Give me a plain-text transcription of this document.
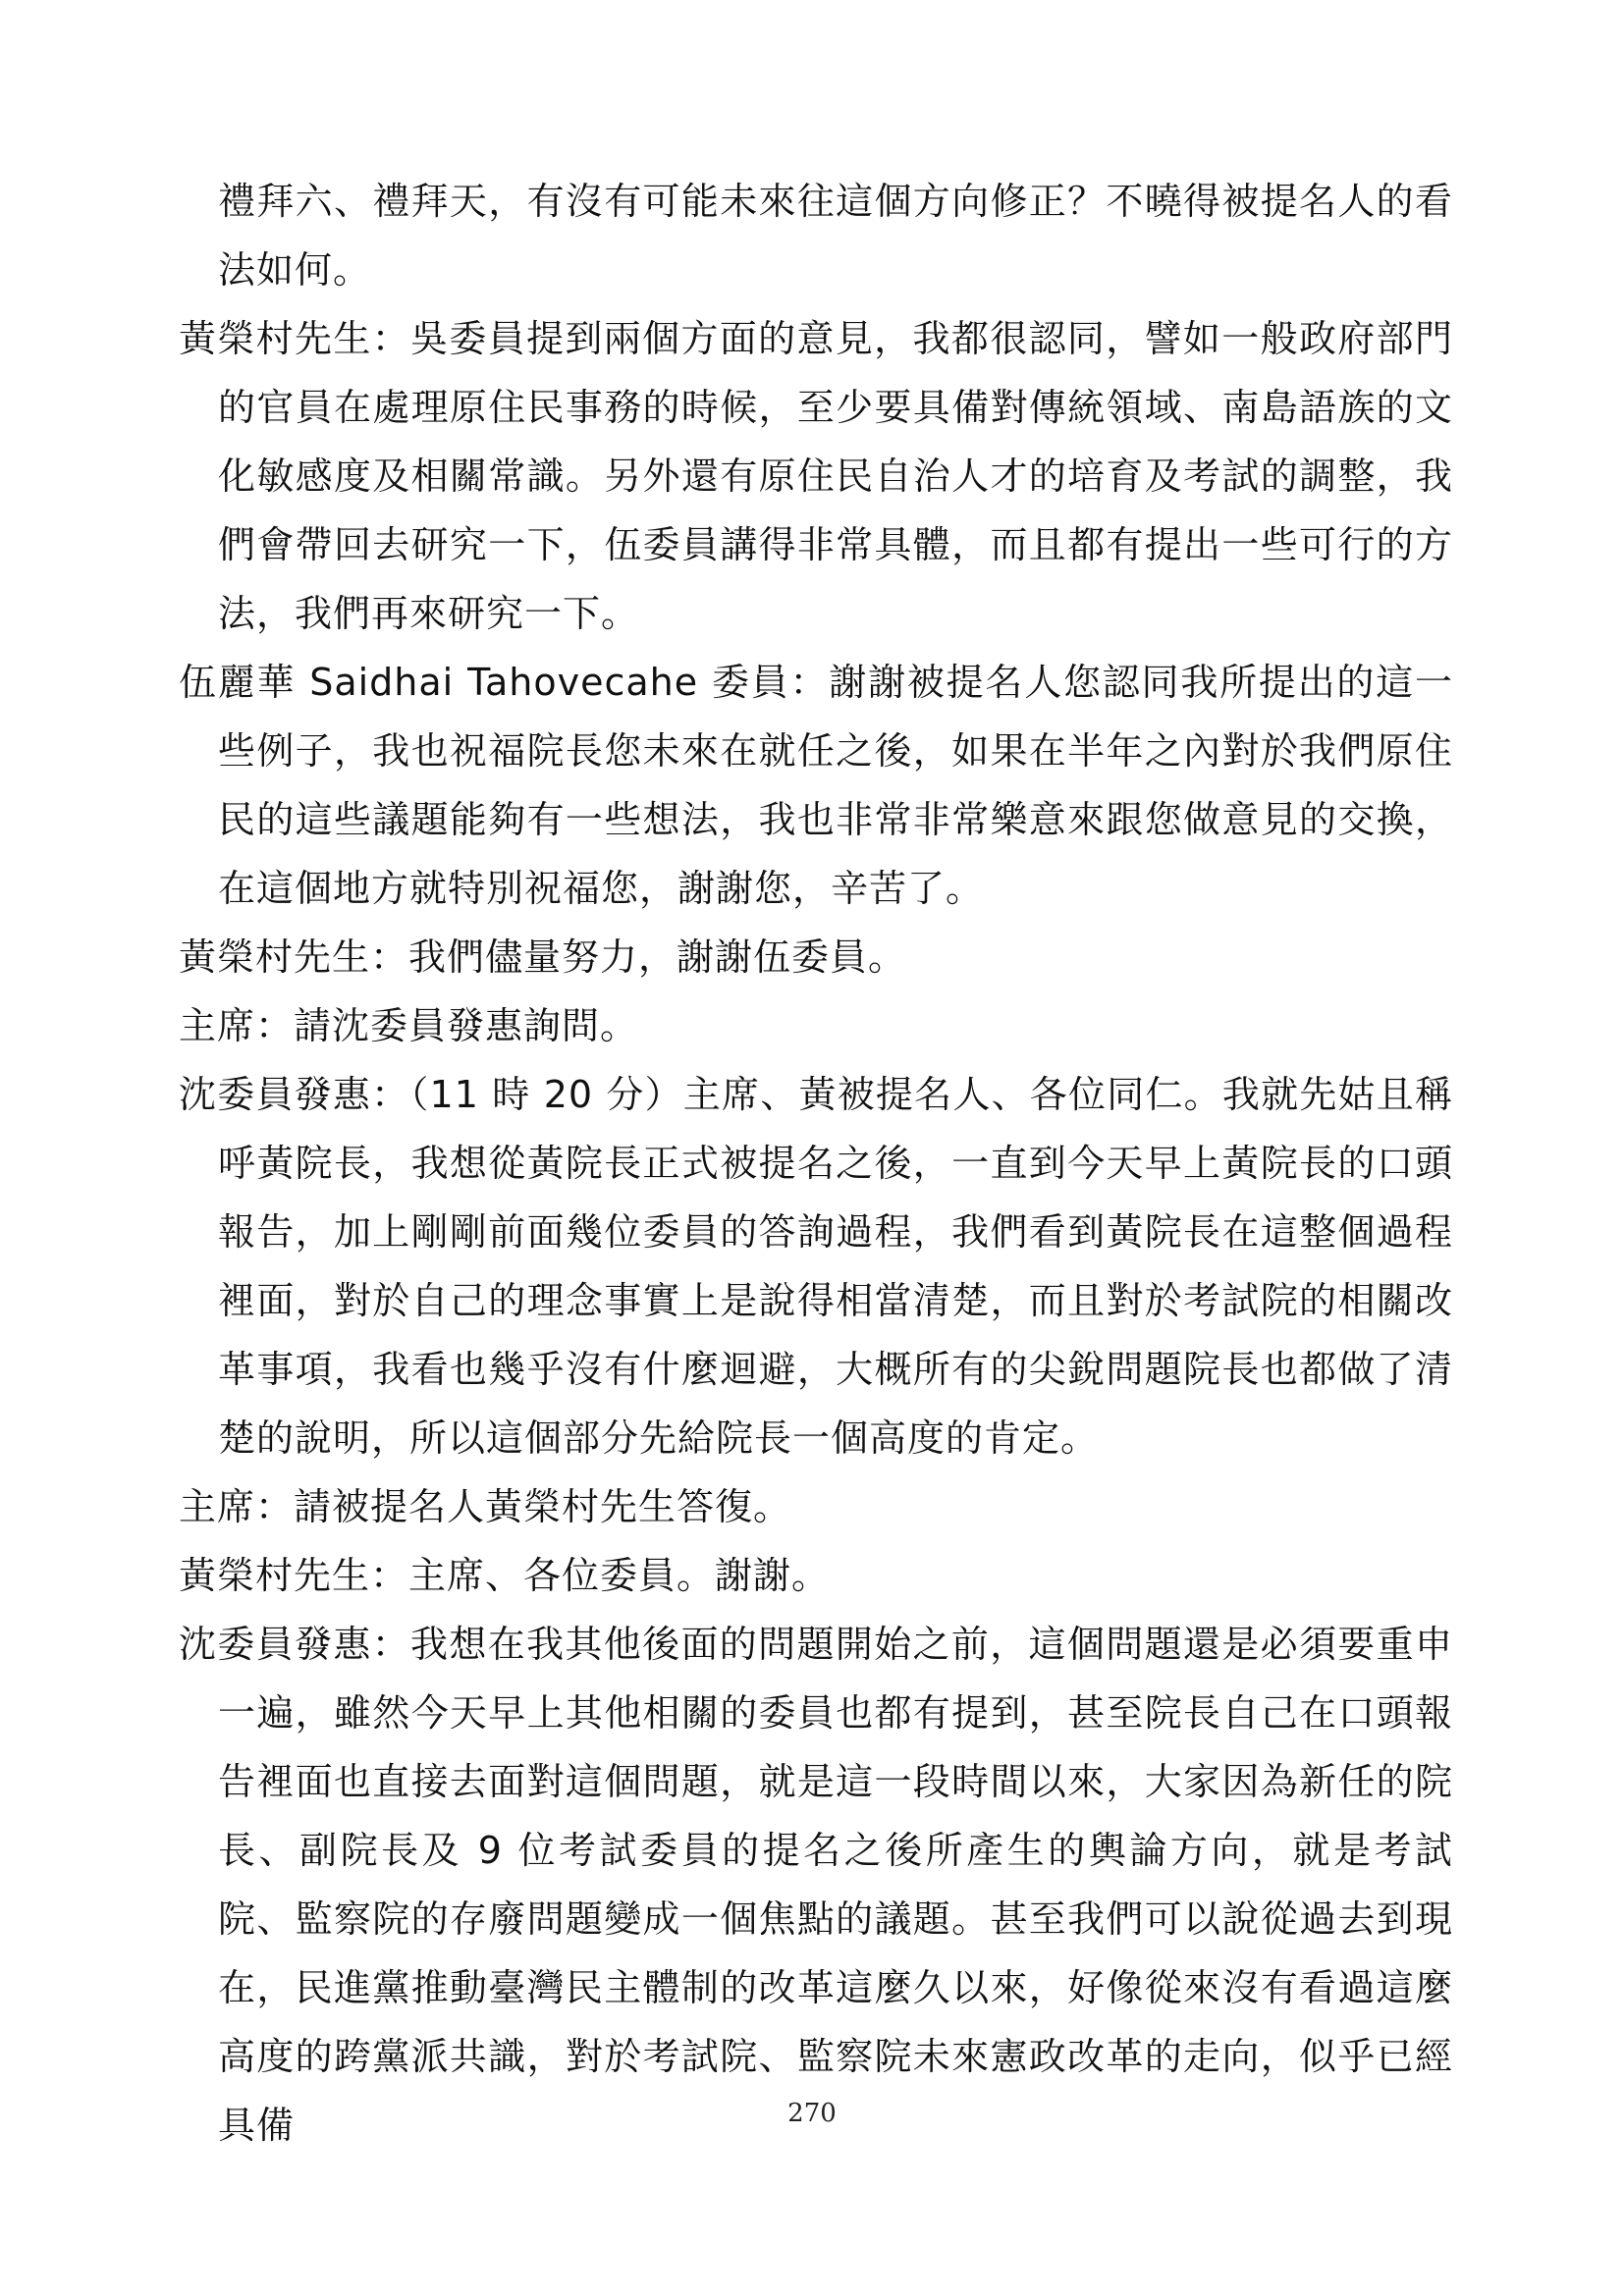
禮拜六、禮拜天，有沒有可能未來往這個方向修正？不曉得被提名人的看法如何。

黃榮村先生：吳委員提到兩個方面的意見，我都很認同，譬如一般政府部門的官員在處理原住民事務的時候，至少要具備對傳統領域、南島語族的文化敏感度及相關常識。另外還有原住民自治人才的培育及考試的調整，我們會帶回去研究一下，伍委員講得非常具體，而且都有提出一些可行的方法，我們再來研究一下。

伍麗華 Saidhai Tahovecahe 委員：謝謝被提名人您認同我所提出的這一些例子，我也祝福院長您未來在就任之後，如果在半年之內對於我們原住民的這些議題能夠有一些想法，我也非常非常樂意來跟您做意見的交換，在這個地方就特別祝福您，謝謝您，辛苦了。

黃榮村先生：我們儘量努力，謝謝伍委員。

主席：請沈委員發惠詢問。

沈委員發惠：（11 時 20 分）主席、黃被提名人、各位同仁。我就先姑且稱呼黃院長，我想從黃院長正式被提名之後，一直到今天早上黃院長的口頭報告，加上剛剛前面幾位委員的答詢過程，我們看到黃院長在這整個過程裡面，對於自己的理念事實上是說得相當清楚，而且對於考試院的相關改革事項，我看也幾乎沒有什麼迴避，大概所有的尖銳問題院長也都做了清楚的說明，所以這個部分先給院長一個高度的肯定。

主席：請被提名人黃榮村先生答復。

黃榮村先生：主席、各位委員。謝謝。

沈委員發惠：我想在我其他後面的問題開始之前，這個問題還是必須要重申一遍，雖然今天早上其他相關的委員也都有提到，甚至院長自己在口頭報告裡面也直接去面對這個問題，就是這一段時間以來，大家因為新任的院長、副院長及 9 位考試委員的提名之後所產生的輿論方向，就是考試院、監察院的存廢問題變成一個焦點的議題。甚至我們可以說從過去到現在，民進黨推動臺灣民主體制的改革這麼久以來，好像從來沒有看過這麼高度的跨黨派共識，對於考試院、監察院未來憲政改革的走向，似乎已經具備	270
